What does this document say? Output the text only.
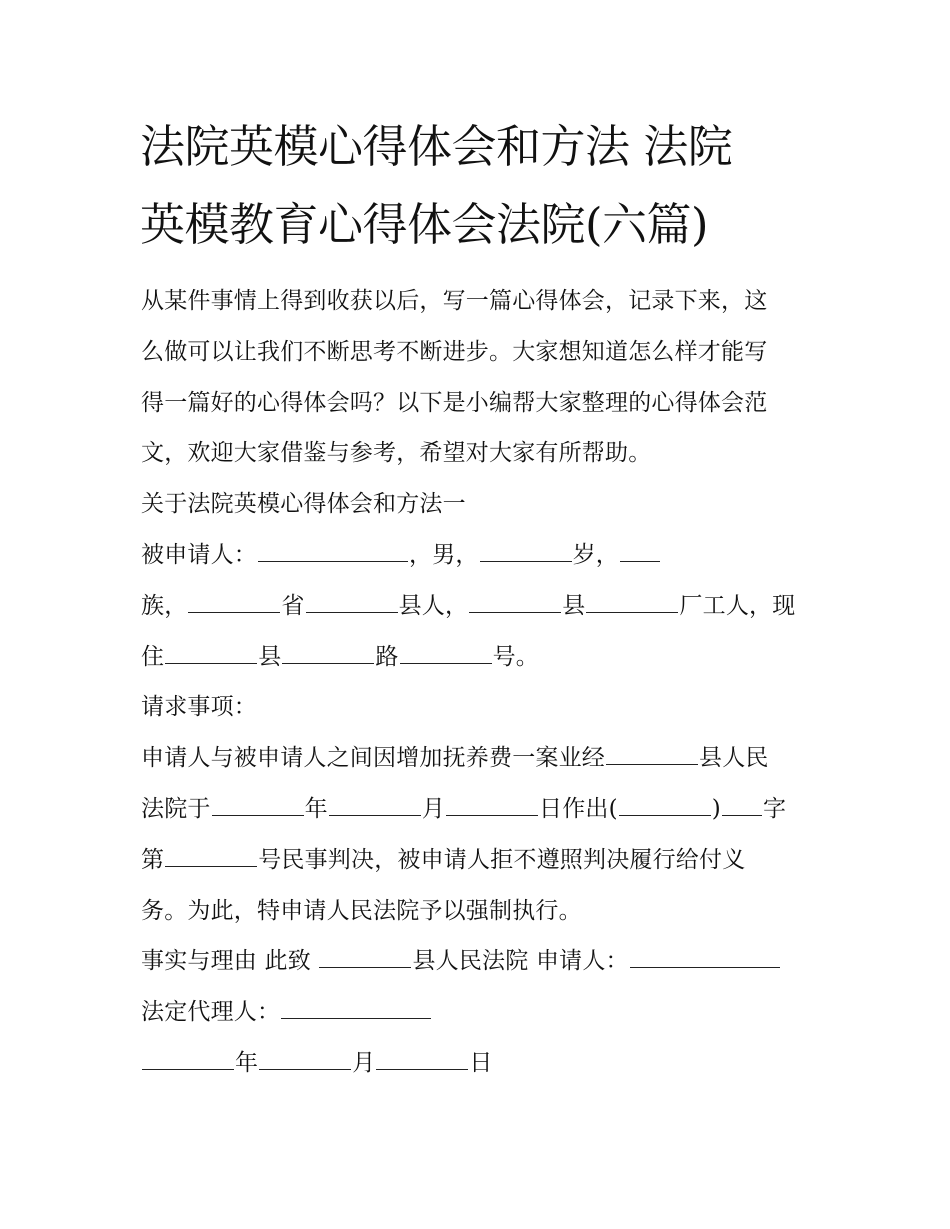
法院英模心得体会和方法 法院
英模教育心得体会法院(六篇)
从某件事情上得到收获以后，写一篇心得体会，记录下来，这
么做可以让我们不断思考不断进步。大家想知道怎么样才能写
得一篇好的心得体会吗？以下是小编帮大家整理的心得体会范
文，欢迎大家借鉴与参考，希望对大家有所帮助。
关于法院英模心得体会和方法一
被申请人：	，男，	岁，
族，	省	县人，	县	厂工人，现
住	县	路	号。
请求事项：
申请人与被申请人之间因增加抚养费一案业经	县人民
法院于	年	月	日作出(	) 字
第	号民事判决，被申请人拒不遵照判决履行给付义
务。为此，特申请人民法院予以强制执行。
事实与理由 此致	县人民法院 申请人：
法定代理人：
年	月	日
